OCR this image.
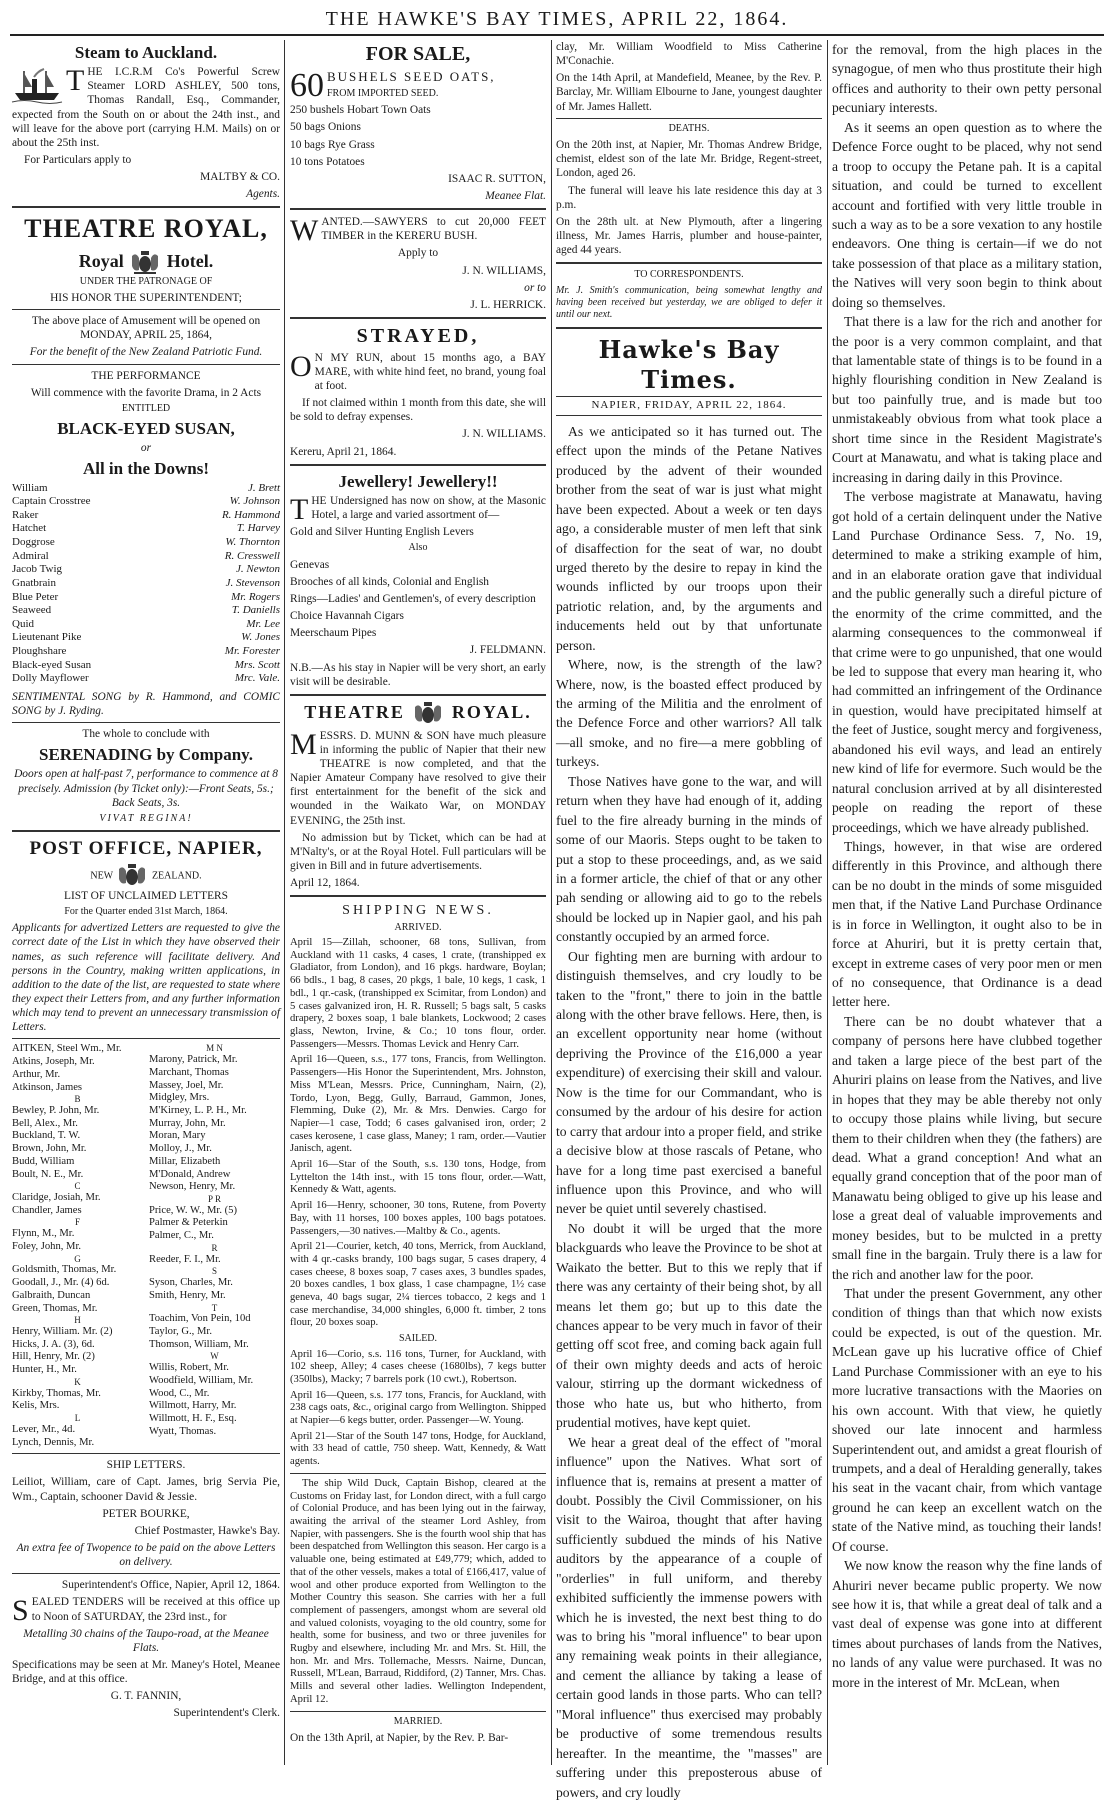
THE HAWKE'S BAY TIMES, APRIL 22, 1864.
Steam to Auckland.

THE I.C.R.M Co's Powerful Screw Steamer LORD ASHLEY, 500 tons, Thomas Randall, Esq., Commander, expected from the South on or about the 24th inst., and will leave for the above port (carrying H.M. Mails) on or about the 25th inst.

For Particulars apply to

MALTBY & CO.

Agents.

THEATRE ROYAL,
Royal Hotel.

UNDER THE PATRONAGE OF

HIS HONOR THE SUPERINTENDENT;

The above place of Amusement will be opened on MONDAY, APRIL 25, 1864,

For the benefit of the New Zealand Patriotic Fund.

THE PERFORMANCE

Will commence with the favorite Drama, in 2 Acts

ENTITLED

BLACK-EYED SUSAN,

or

All in the Downs!
William	J. Brett
Captain Crosstree	W. Johnson
Raker	R. Hammond
Hatchet	T. Harvey
Doggrose	W. Thornton
Admiral	R. Cresswell
Jacob Twig	J. Newton
Gnatbrain	J. Stevenson
Blue Peter	Mr. Rogers
Seaweed	T. Daniells
Quid	Mr. Lee
Lieutenant Pike	W. Jones
Ploughshare	Mr. Forester
Black-eyed Susan	Mrs. Scott
Dolly Mayflower	Mrc. Vale.

SENTIMENTAL SONG by R. Hammond, and COMIC SONG by J. Ryding.

The whole to conclude with

SERENADING by Company.

Doors open at half-past 7, performance to commence at 8 precisely. Admission (by Ticket only):—Front Seats, 5s.; Back Seats, 3s.

VIVAT REGINA!

POST OFFICE, NAPIER,
NEW	ZEALAND.

LIST OF UNCLAIMED LETTERS

For the Quarter ended 31st March, 1864.

Applicants for advertized Letters are requested to give the correct date of the List in which they have observed their names, as such reference will facilitate delivery. And persons in the Country, making written applications, in addition to the date of the list, are requested to state where they expect their Letters from, and any further information which may tend to prevent an unnecessary transmission of Letters.

AITKEN, Steel Wm., Mr.
Atkins, Joseph, Mr.
Arthur, Mr.
Atkinson, James
B
Bewley, P. John, Mr.
Bell, Alex., Mr.
Buckland, T. W.
Brown, John, Mr.
Budd, William
Boult, N. E., Mr.
C
Claridge, Josiah, Mr.
Chandler, James
F
Flynn, M., Mr.
Foley, John, Mr.
G
Goldsmith, Thomas, Mr.
Goodall, J., Mr. (4) 6d.
Galbraith, Duncan
Green, Thomas, Mr.
H
Henry, William. Mr. (2)
Hicks, J. A. (3), 6d.
Hill, Henry, Mr. (2)
Hunter, H., Mr.
K
Kirkby, Thomas, Mr.
Kelis, Mrs.
L
Lever, Mr., 4d.
Lynch, Dennis, Mr.
M N
Marony, Patrick, Mr.
Marchant, Thomas
Massey, Joel, Mr.
Midgley, Mrs.
M'Kirney, L. P. H., Mr.
Murray, John, Mr.
Moran, Mary
Molloy, J., Mr.
Millar, Elizabeth
M'Donald, Andrew
Newson, Henry, Mr.
P R
Price, W. W., Mr. (5)
Palmer & Peterkin
Palmer, C., Mr.
R
Reeder, F. I., Mr.
S
Syson, Charles, Mr.
Smith, Henry, Mr.
T
Toachim, Von Pein, 10d
Taylor, G., Mr.
Thomson, William, Mr.
W
Willis, Robert, Mr.
Woodfield, William, Mr.
Wood, C., Mr.
Willmott, Harry, Mr.
Willmott, H. F., Esq.
Wyatt, Thomas.

SHIP LETTERS.

Leiliot, William, care of Capt. James, brig Servia Pie, Wm., Captain, schooner David & Jessie.

PETER BOURKE,

Chief Postmaster, Hawke's Bay.

An extra fee of Twopence to be paid on the above Letters on delivery.

Superintendent's Office, Napier, April 12, 1864.

SEALED TENDERS will be received at this office up to Noon of SATURDAY, the 23rd inst., for

Metalling 30 chains of the Taupo-road, at the Meanee Flats.

Specifications may be seen at Mr. Maney's Hotel, Meanee Bridge, and at this office.

G. T. FANNIN,

Superintendent's Clerk.

FOR SALE,
60 BUSHELS SEED OATS,

FROM IMPORTED SEED.

250 bushels Hobart Town Oats

50 bags Onions

10 bags Rye Grass

10 tons Potatoes

ISAAC R. SUTTON,

Meanee Flat.

WANTED.—SAWYERS to cut 20,000 FEET TIMBER in the KERERU BUSH.

Apply to

J. N. WILLIAMS,

or to

J. L. HERRICK.

STRAYED,

O N MY RUN, about 15 months ago, a BAY MARE, with white hind feet, no brand, young foal at foot.

If not claimed within 1 month from this date, she will be sold to defray expenses.

J. N. WILLIAMS.

Kereru, April 21, 1864.

Jewellery! Jewellery!!

THE Undersigned has now on show, at the Masonic Hotel, a large and varied assortment of—

Gold and Silver Hunting English Levers

Also

Genevas

Brooches of all kinds, Colonial and English

Rings—Ladies' and Gentlemen's, of every description

Choice Havannah Cigars

Meerschaum Pipes

J. FELDMANN.

N.B.—As his stay in Napier will be very short, an early visit will be desirable.

THEATRE	ROYAL.

MESSRS. D. MUNN & SON have much pleasure in informing the public of Napier that their new THEATRE is now completed, and that the Napier Amateur Company have resolved to give their first entertainment for the benefit of the sick and wounded in the Waikato War, on MONDAY EVENING, the 25th inst.

No admission but by Ticket, which can be had at M'Nalty's, or at the Royal Hotel. Full particulars will be given in Bill and in future advertisements.

April 12, 1864.

SHIPPING NEWS.

ARRIVED.

April 15—Zillah, schooner, 68 tons, Sullivan, from Auckland with 11 casks, 4 cases, 1 crate, (transhipped ex Gladiator, from London), and 16 pkgs. hardware, Boylan; 66 bdls., 1 bag, 8 cases, 20 pkgs, 1 bale, 10 kegs, 1 cask, 1 bdl., 1 qr.-cask, (transhipped ex Scimitar, from London) and 5 cases galvanized iron, H. R. Russell; 5 bags salt, 5 casks drapery, 2 boxes soap, 1 bale blankets, Lockwood; 2 cases glass, Newton, Irvine, & Co.; 10 tons flour, order. Passengers—Messrs. Thomas Levick and Henry Carr.

April 16—Queen, s.s., 177 tons, Francis, from Wellington. Passengers—His Honor the Superintendent, Mrs. Johnston, Miss M'Lean, Messrs. Price, Cunningham, Nairn, (2), Tordo, Lyon, Begg, Gully, Barraud, Gammon, Jones, Flemming, Duke (2), Mr. & Mrs. Denwies. Cargo for Napier—1 case, Todd; 6 cases galvanised iron, order; 2 cases kerosene, 1 case glass, Maney; 1 ram, order.—Vautier Janisch, agent.

April 16—Star of the South, s.s. 130 tons, Hodge, from Lyttelton the 14th inst., with 15 tons flour, order.—Watt, Kennedy & Watt, agents.

April 16—Henry, schooner, 30 tons, Rutene, from Poverty Bay, with 11 horses, 100 boxes apples, 100 bags potatoes. Passengers,—30 natives.—Maltby & Co., agents.

April 21—Courier, ketch, 40 tons, Merrick, from Auckland, with 4 qr.-casks brandy, 100 bags sugar, 5 cases drapery, 4 cases cheese, 8 boxes soap, 7 cases axes, 3 bundles spades, 20 boxes candles, 1 box glass, 1 case champagne, 1½ case geneva, 40 bags sugar, 2¼ tierces tobacco, 2 kegs and 1 case merchandise, 34,000 shingles, 6,000 ft. timber, 2 tons flour, 20 boxes soap.

SAILED.

April 16—Corio, s.s. 116 tons, Turner, for Auckland, with 102 sheep, Alley; 4 cases cheese (1680lbs), 7 kegs butter (350lbs), Macky; 7 barrels pork (10 cwt.), Robertson.

April 16—Queen, s.s. 177 tons, Francis, for Auckland, with 238 cags oats, &c., original cargo from Wellington. Shipped at Napier—6 kegs butter, order. Passenger—W. Young.

April 21—Star of the South 147 tons, Hodge, for Auckland, with 33 head of cattle, 750 sheep. Watt, Kennedy, & Watt agents.

The ship Wild Duck, Captain Bishop, cleared at the Customs on Friday last, for London direct, with a full cargo of Colonial Produce, and has been lying out in the fairway, awaiting the arrival of the steamer Lord Ashley, from Napier, with passengers. She is the fourth wool ship that has been despatched from Wellington this season. Her cargo is a valuable one, being estimated at £49,779; which, added to that of the other vessels, makes a total of £166,417, value of wool and other produce exported from Wellington to the Mother Country this season. She carries with her a full complement of passengers, amongst whom are several old and valued colonists, voyaging to the old country, some for health, some for business, and two or three juveniles for Rugby and elsewhere, including Mr. and Mrs. St. Hill, the hon. Mr. and Mrs. Tollemache, Messrs. Nairne, Duncan, Russell, M'Lean, Barraud, Riddiford, (2) Tanner, Mrs. Chas. Mills and several other ladies. Wellington Independent, April 12.

MARRIED.

On the 13th April, at Napier, by the Rev. P. Bar-

clay, Mr. William Woodfield to Miss Catherine M'Conachie.

On the 14th April, at Mandefield, Meanee, by the Rev. P. Barclay, Mr. William Elbourne to Jane, youngest daughter of Mr. James Hallett.

DEATHS.

On the 20th inst, at Napier, Mr. Thomas Andrew Bridge, chemist, eldest son of the late Mr. Bridge, Regent-street, London, aged 26.

The funeral will leave his late residence this day at 3 p.m.

On the 28th ult. at New Plymouth, after a lingering illness, Mr. James Harris, plumber and house-painter, aged 44 years.

TO CORRESPONDENTS.

Mr. J. Smith's communication, being somewhat lengthy and having been received but yesterday, we are obliged to defer it until our next.

Hawke's Bay Times.
NAPIER, FRIDAY, APRIL 22, 1864.

As we anticipated so it has turned out. The effect upon the minds of the Petane Natives produced by the advent of their wounded brother from the seat of war is just what might have been expected. About a week or ten days ago, a considerable muster of men left that sink of disaffection for the seat of war, no doubt urged thereto by the desire to repay in kind the wounds inflicted by our troops upon their patriotic relation, and, by the arguments and inducements held out by that unfortunate person.

Where, now, is the strength of the law? Where, now, is the boasted effect produced by the arming of the Militia and the enrolment of the Defence Force and other warriors? All talk—all smoke, and no fire—a mere gobbling of turkeys.

Those Natives have gone to the war, and will return when they have had enough of it, adding fuel to the fire already burning in the minds of some of our Maoris. Steps ought to be taken to put a stop to these proceedings, and, as we said in a former article, the chief of that or any other pah sending or allowing aid to go to the rebels should be locked up in Napier gaol, and his pah constantly occupied by an armed force.

Our fighting men are burning with ardour to distinguish themselves, and cry loudly to be taken to the "front," there to join in the battle along with the other brave fellows. Here, then, is an excellent opportunity near home (without depriving the Province of the £16,000 a year expenditure) of exercising their skill and valour. Now is the time for our Commandant, who is consumed by the ardour of his desire for action to carry that ardour into a proper field, and strike a decisive blow at those rascals of Petane, who have for a long time past exercised a baneful influence upon this Province, and who will never be quiet until severely chastised.

No doubt it will be urged that the more blackguards who leave the Province to be shot at Waikato the better. But to this we reply that if there was any certainty of their being shot, by all means let them go; but up to this date the chances appear to be very much in favor of their getting off scot free, and coming back again full of their own mighty deeds and acts of heroic valour, stirring up the dormant wickedness of those who hate us, but who hitherto, from prudential motives, have kept quiet.

We hear a great deal of the effect of "moral influence" upon the Natives. What sort of influence that is, remains at present a matter of doubt. Possibly the Civil Commissioner, on his visit to the Wairoa, thought that after having sufficiently subdued the minds of his Native auditors by the appearance of a couple of "orderlies" in full uniform, and thereby exhibited sufficiently the immense powers with which he is invested, the next best thing to do was to bring his "moral influence" to bear upon any remaining weak points in their allegiance, and cement the alliance by taking a lease of certain good lands in those parts. Who can tell? "Moral influence" thus exercised may probably be productive of some tremendous results hereafter. In the meantime, the "masses" are suffering under this preposterous abuse of powers, and cry loudly

for the removal, from the high places in the synagogue, of men who thus prostitute their high offices and authority to their own petty personal pecuniary interests.

As it seems an open question as to where the Defence Force ought to be placed, why not send a troop to occupy the Petane pah. It is a capital situation, and could be turned to excellent account and fortified with very little trouble in such a way as to be a sore vexation to any hostile endeavors. One thing is certain—if we do not take possession of that place as a military station, the Natives will very soon begin to think about doing so themselves.

That there is a law for the rich and another for the poor is a very common complaint, and that that lamentable state of things is to be found in a highly flourishing condition in New Zealand is but too painfully true, and is made but too unmistakeably obvious from what took place a short time since in the Resident Magistrate's Court at Manawatu, and what is taking place and increasing in daring daily in this Province.

The verbose magistrate at Manawatu, having got hold of a certain delinquent under the Native Land Purchase Ordinance Sess. 7, No. 19, determined to make a striking example of him, and in an elaborate oration gave that individual and the public generally such a direful picture of the enormity of the crime committed, and the alarming consequences to the commonweal if that crime were to go unpunished, that one would be led to suppose that every man hearing it, who had committed an infringement of the Ordinance in question, would have precipitated himself at the feet of Justice, sought mercy and forgiveness, abandoned his evil ways, and lead an entirely new kind of life for evermore. Such would be the natural conclusion arrived at by all disinterested people on reading the report of these proceedings, which we have already published.

Things, however, in that wise are ordered differently in this Province, and although there can be no doubt in the minds of some misguided men that, if the Native Land Purchase Ordinance is in force in Wellington, it ought also to be in force at Ahuriri, but it is pretty certain that, except in extreme cases of very poor men or men of no consequence, that Ordinance is a dead letter here.

There can be no doubt whatever that a company of persons here have clubbed together and taken a large piece of the best part of the Ahuriri plains on lease from the Natives, and live in hopes that they may be able thereby not only to occupy those plains while living, but secure them to their children when they (the fathers) are dead. What a grand conception! And what an equally grand conception that of the poor man of Manawatu being obliged to give up his lease and lose a great deal of valuable improvements and money besides, but to be mulcted in a pretty small fine in the bargain. Truly there is a law for the rich and another law for the poor.

That under the present Government, any other condition of things than that which now exists could be expected, is out of the question. Mr. McLean gave up his lucrative office of Chief Land Purchase Commissioner with an eye to his more lucrative transactions with the Maories on his own account. With that view, he quietly shoved our late innocent and harmless Superintendent out, and amidst a great flourish of trumpets, and a deal of Heralding generally, takes his seat in the vacant chair, from which vantage ground he can keep an excellent watch on the state of the Native mind, as touching their lands! Of course.

We now know the reason why the fine lands of Ahuriri never became public property. We now see how it is, that while a great deal of talk and a vast deal of expense was gone into at different times about purchases of lands from the Natives, no lands of any value were purchased. It was no more in the interest of Mr. McLean, when
